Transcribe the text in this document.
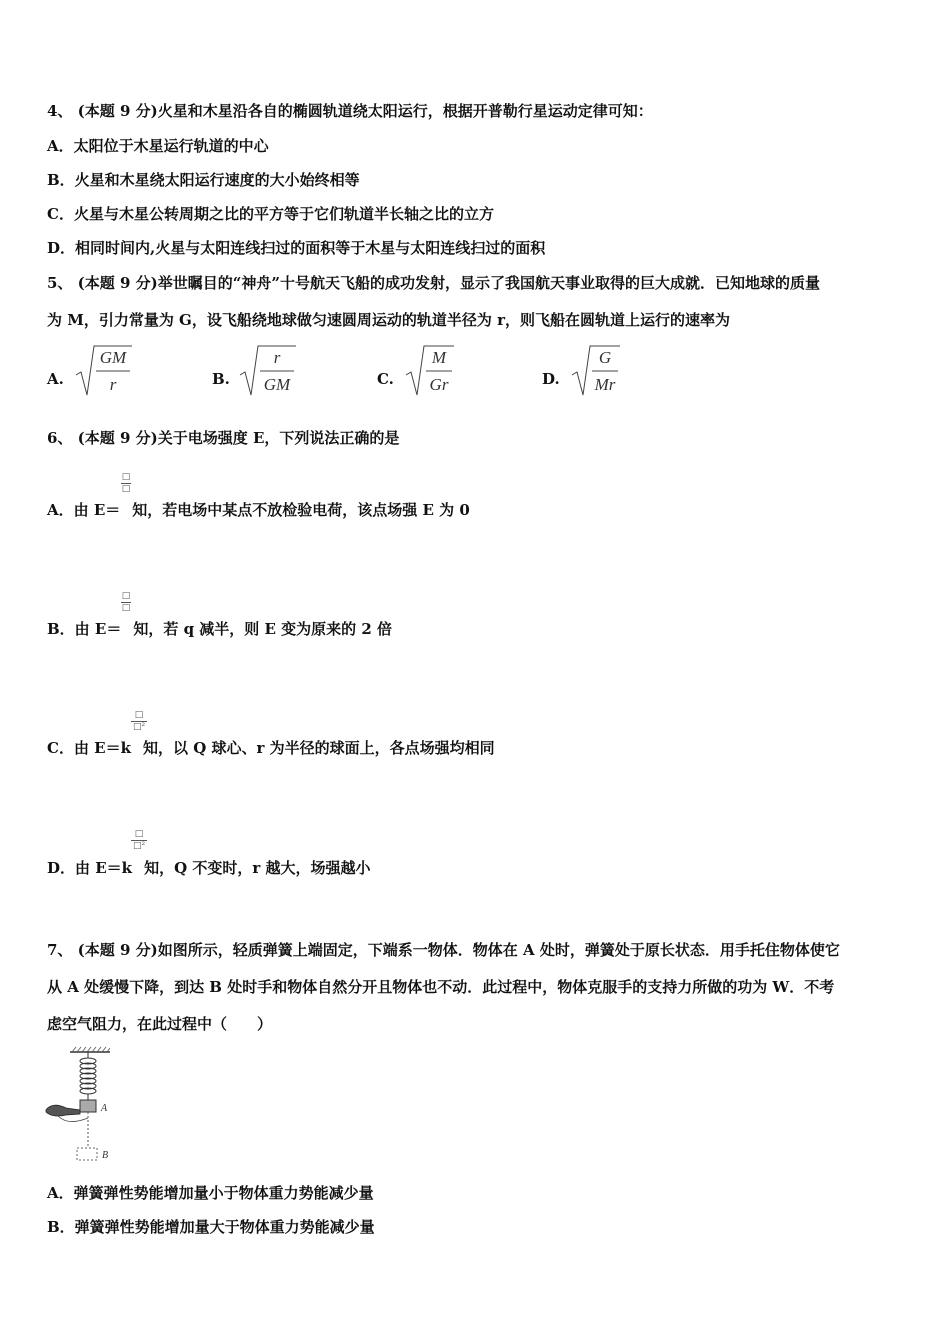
4、 (本题 9 分)火星和木星沿各自的椭圆轨道绕太阳运行，根据开普勒行星运动定律可知：
A．太阳位于木星运行轨道的中心
B．火星和木星绕太阳运行速度的大小始终相等
C．火星与木星公转周期之比的平方等于它们轨道半长轴之比的立方
D．相同时间内,火星与太阳连线扫过的面积等于木星与太阳连线扫过的面积
5、 (本题 9 分)举世瞩目的“神舟”十号航天飞船的成功发射，显示了我国航天事业取得的巨大成就．已知地球的质量
为 M，引力常量为 G，设飞船绕地球做匀速圆周运动的轨道半径为 r，则飞船在圆轨道上运行的速率为
A.
GM
r	B.
r
GM	C.
M
Gr	D.
G
Mr
6、 (本题 9 分)关于电场强度 E，下列说法正确的是
□
□
A．由 E＝ 知，若电场中某点不放检验电荷，该点场强 E 为 0
□
□
B．由 E＝ 知，若 q 减半，则 E 变为原来的 2 倍
□
□²
C．由 E＝k 知，以 Q 球心、r 为半径的球面上，各点场强均相同
□
□²
D．由 E＝k 知，Q 不变时，r 越大，场强越小
7、 (本题 9 分)如图所示，轻质弹簧上端固定，下端系一物体．物体在 A 处时，弹簧处于原长状态．用手托住物体使它
从 A 处缓慢下降，到达 B 处时手和物体自然分开且物体也不动．此过程中，物体克服手的支持力所做的功为 W．不考
虑空气阻力，在此过程中（　　）
A
B
A．弹簧弹性势能增加量小于物体重力势能减少量
B．弹簧弹性势能增加量大于物体重力势能减少量
